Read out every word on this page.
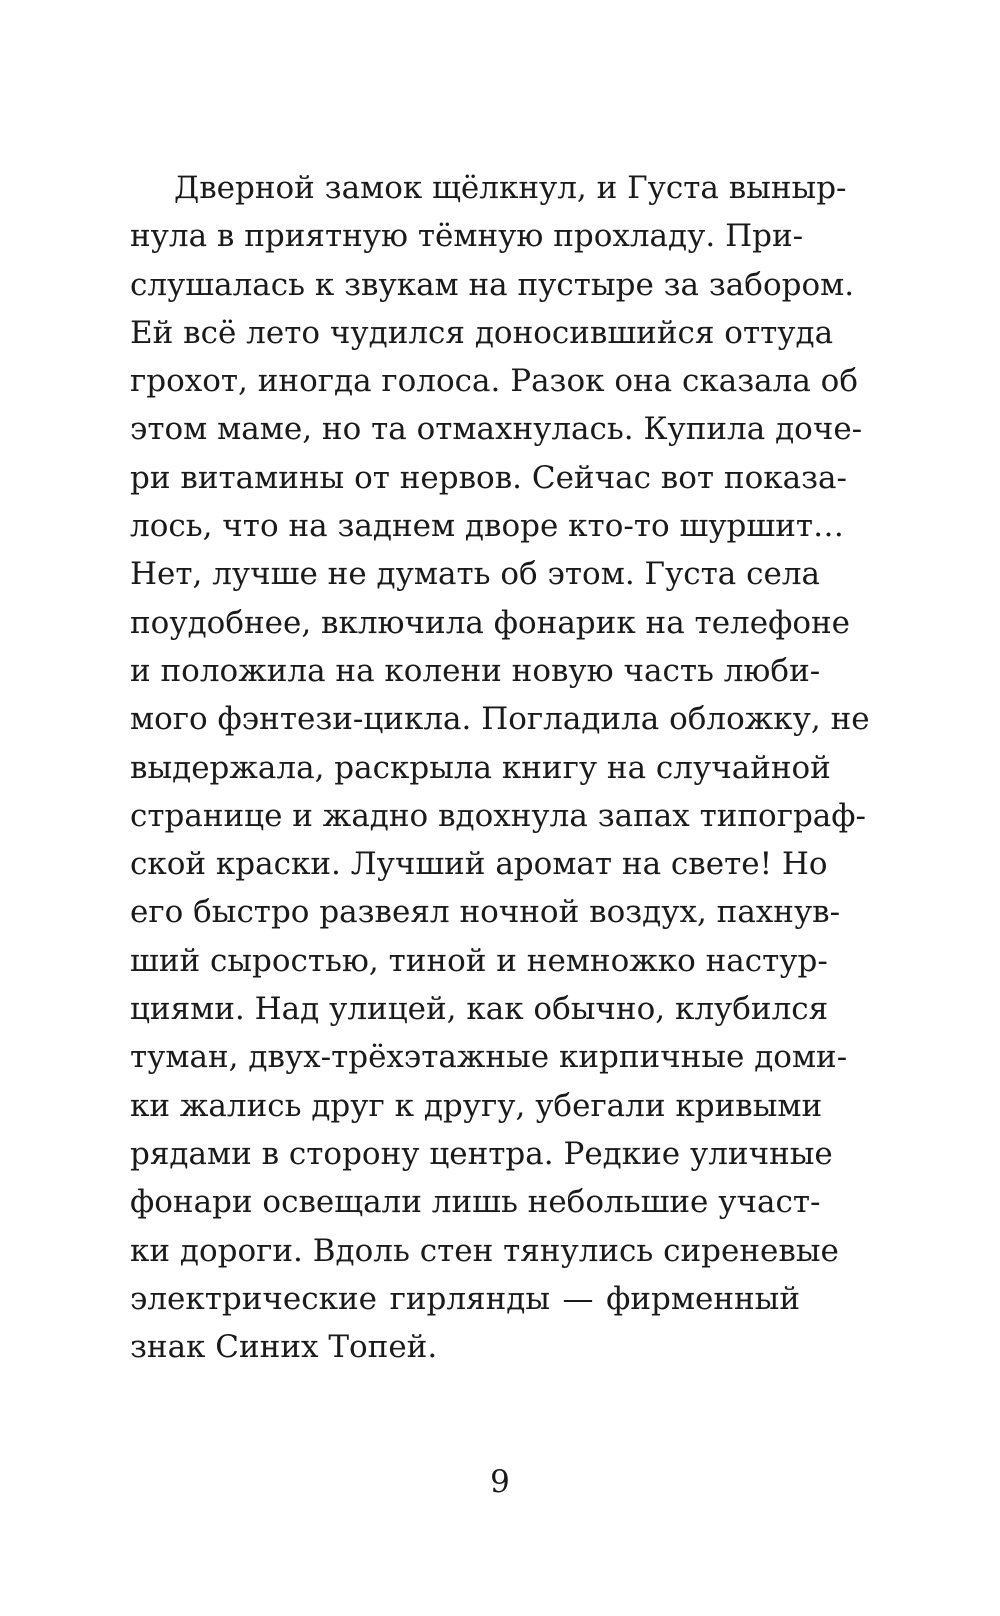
Дверной замок щёлкнул, и Густа выныр-
нула в приятную тёмную прохладу. При-
слушалась к звукам на пустыре за забором.
Ей всё лето чудился доносившийся оттуда
грохот, иногда голоса. Разок она сказала об
этом маме, но та отмахнулась. Купила доче-
ри витамины от нервов. Сейчас вот показа-
лось, что на заднем дворе кто-то шуршит…
Нет, лучше не думать об этом. Густа села
поудобнее, включила фонарик на телефоне
и положила на колени новую часть люби-
мого фэнтези-цикла. Погладила обложку, не
выдержала, раскрыла книгу на случайной
странице и жадно вдохнула запах типограф-
ской краски. Лучший аромат на свете! Но
его быстро развеял ночной воздух, пахнув-
ший сыростью, тиной и немножко настур-
циями. Над улицей, как обычно, клубился
туман, двух-трёхэтажные кирпичные доми-
ки жались друг к другу, убегали кривыми
рядами в сторону центра. Редкие уличные
фонари освещали лишь небольшие участ-
ки дороги. Вдоль стен тянулись сиреневые
электрические гирлянды — фирменный
знак Синих Топей.
9
